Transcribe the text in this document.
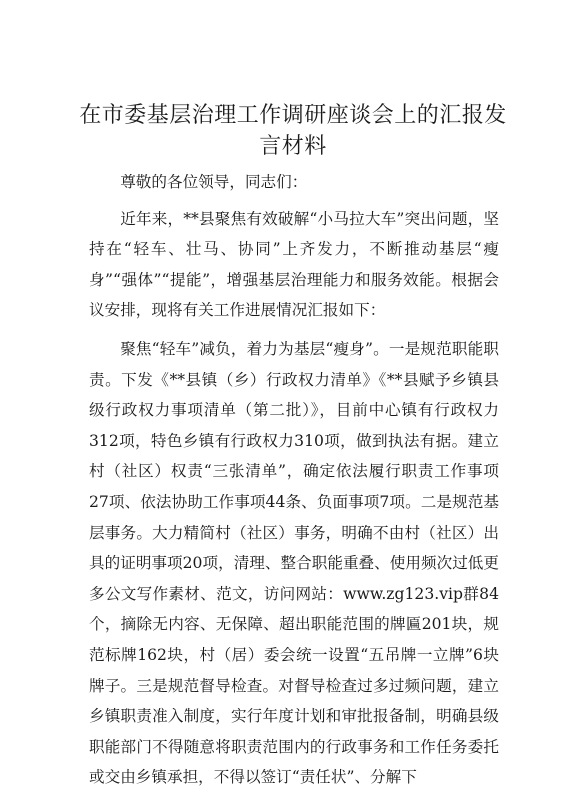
在市委基层治理工作调研座谈会上的汇报发言材料

尊敬的各位领导，同志们：

近年来，**县聚焦有效破解“小马拉大车”突出问题，坚持在“轻车、壮马、协同”上齐发力，不断推动基层“瘦身”“强体”“提能”，增强基层治理能力和服务效能。根据会议安排，现将有关工作进展情况汇报如下：

聚焦“轻车”减负，着力为基层“瘦身”。一是规范职能职责。下发《**县镇（乡）行政权力清单》《**县赋予乡镇县级行政权力事项清单（第二批）》，目前中心镇有行政权力312项，特色乡镇有行政权力310项，做到执法有据。建立村（社区）权责“三张清单”，确定依法履行职责工作事项27项、依法协助工作事项44条、负面事项7项。二是规范基层事务。大力精简村（社区）事务，明确不由村（社区）出具的证明事项20项，清理、整合职能重叠、使用频次过低更多公文写作素材、范文，访问网站：www.zg123.vip群84个，摘除无内容、无保障、超出职能范围的牌匾201块，规范标牌162块，村（居）委会统一设置“五吊牌一立牌”6块牌子。三是规范督导检查。对督导检查过多过频问题，建立乡镇职责准入制度，实行年度计划和审批报备制，明确县级职能部门不得随意将职责范围内的行政事务和工作任务委托或交由乡镇承担，不得以签订“责任状”、分解下
